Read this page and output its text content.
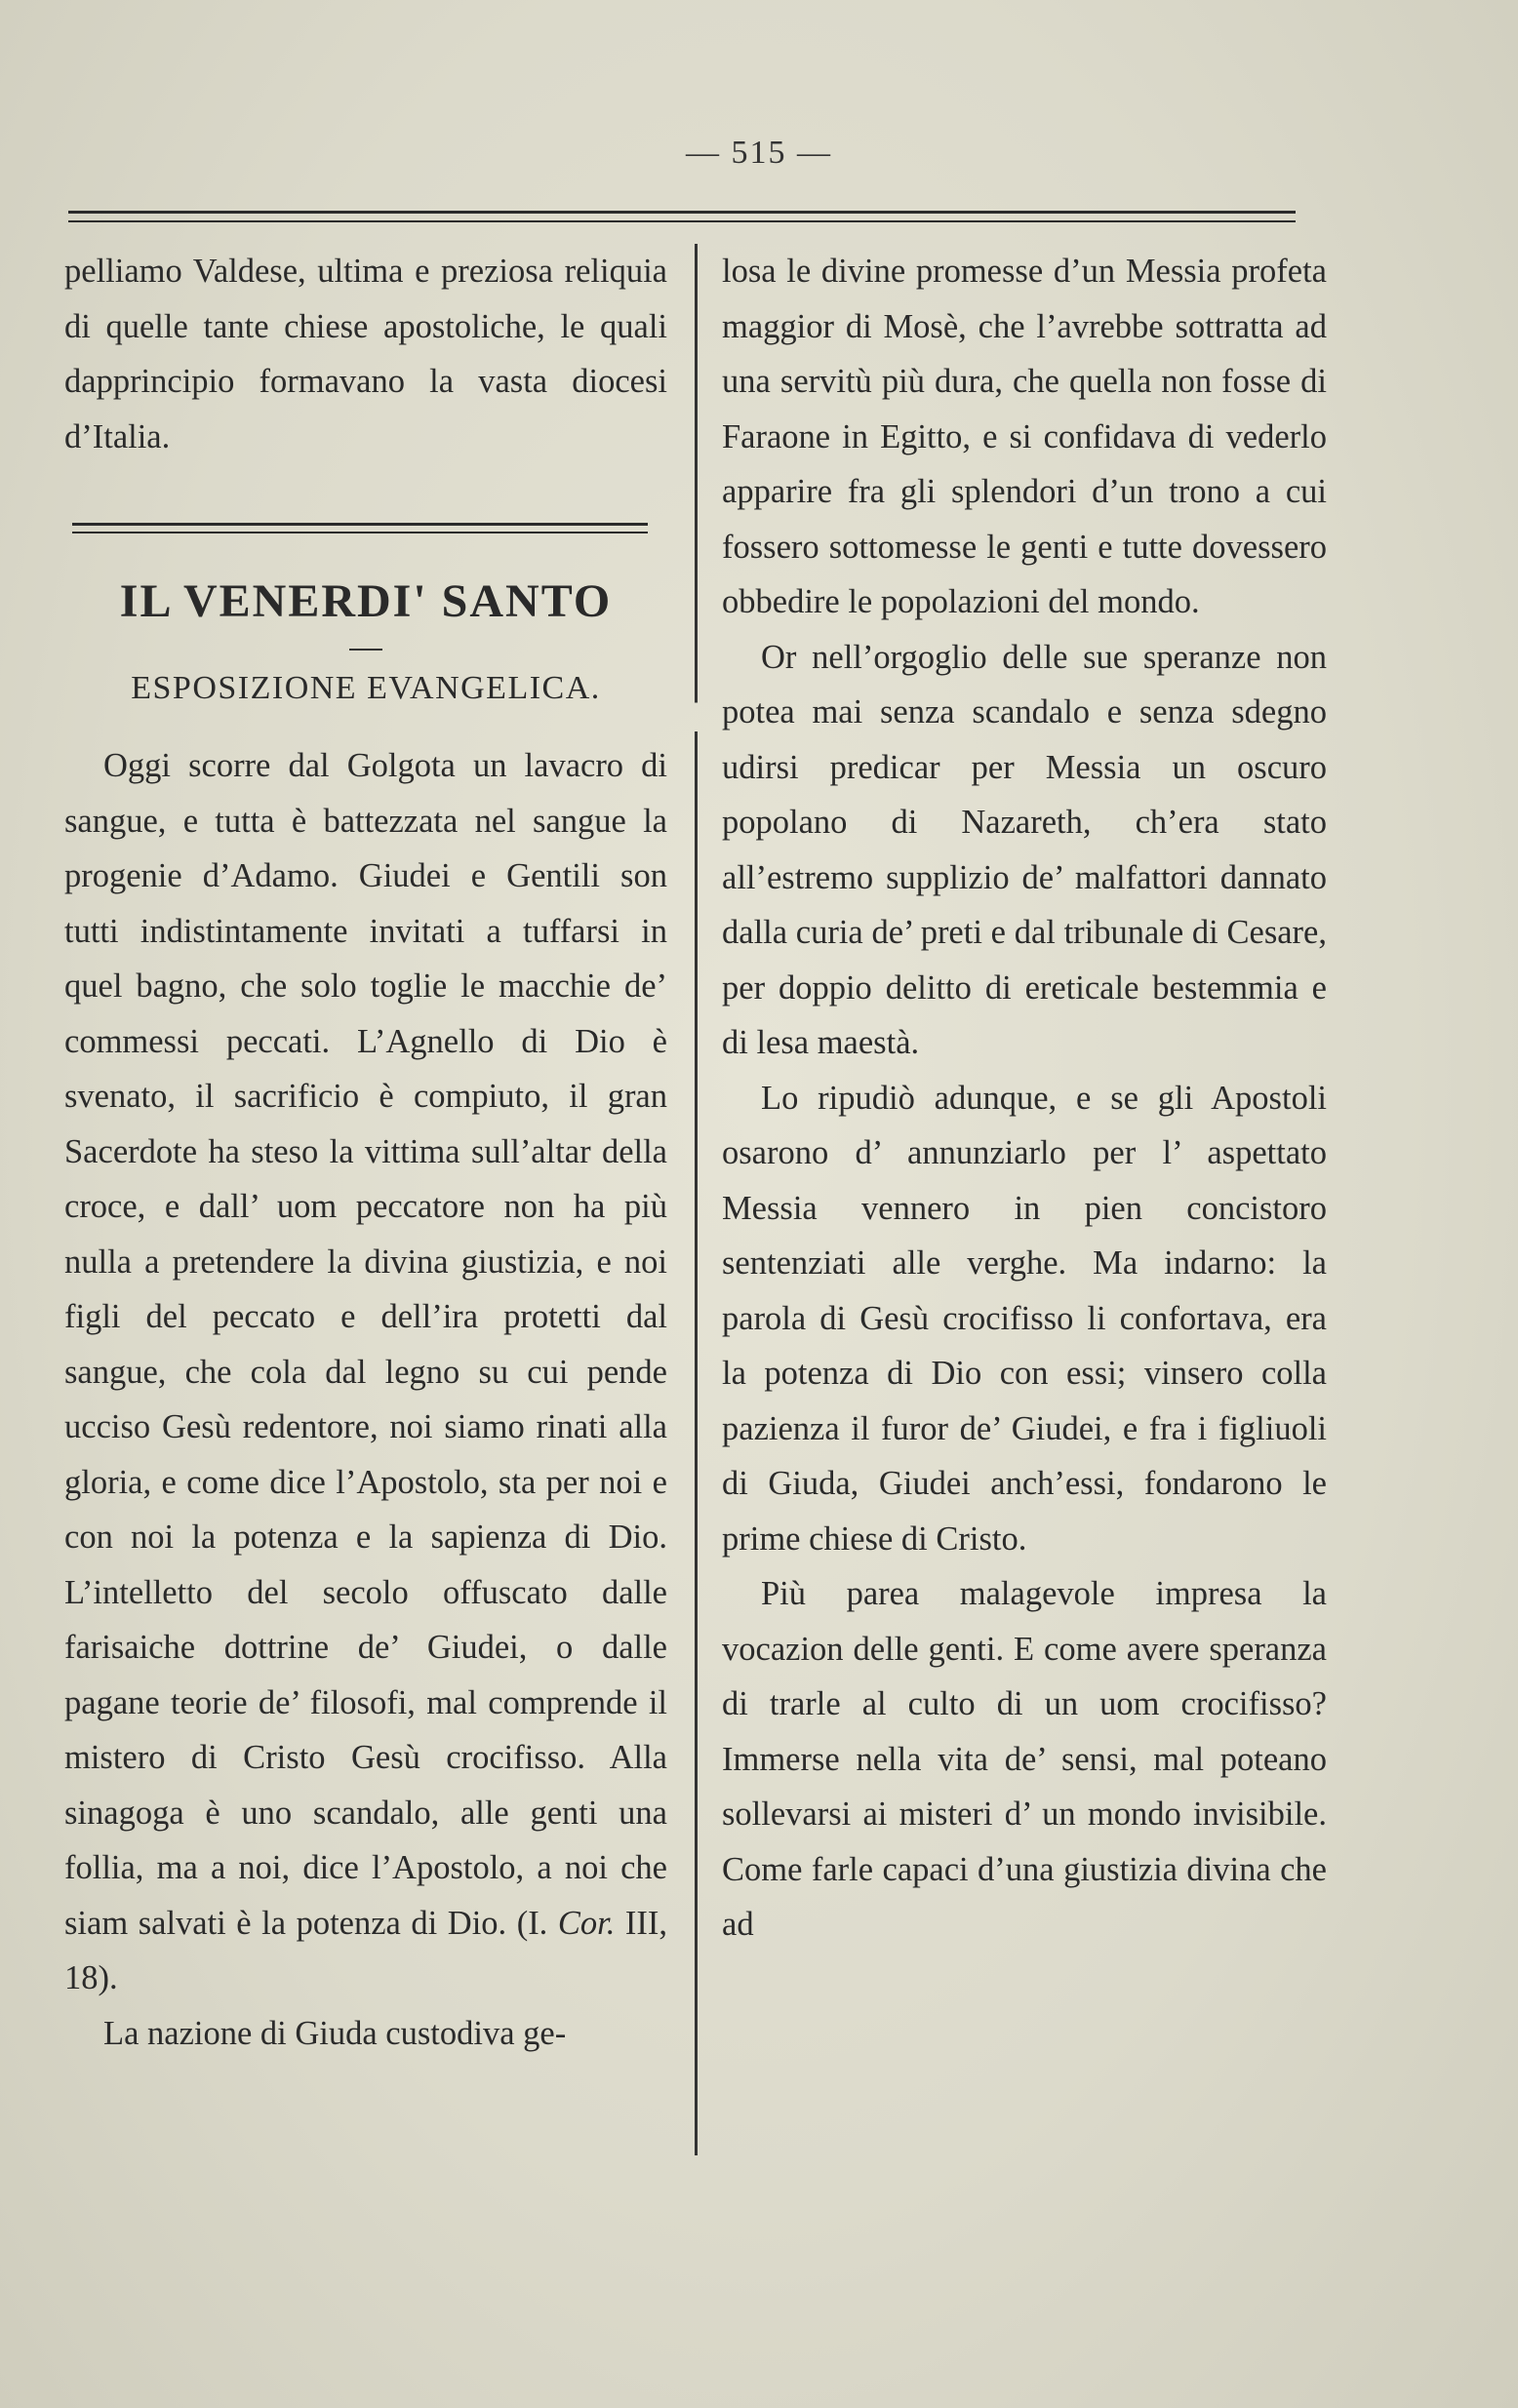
— 515 —

pelliamo Valdese, ultima e preziosa reliquia di quelle tante chiese apostoliche, le quali dapprincipio formavano la vasta diocesi d’Italia.

IL VENERDI' SANTO
ESPOSIZIONE EVANGELICA.

Oggi scorre dal Golgota un lavacro di sangue, e tutta è battezzata nel sangue la progenie d’Adamo. Giudei e Gentili son tutti indistintamente invitati a tuffarsi in quel bagno, che solo toglie le macchie de’ commessi peccati. L’Agnello di Dio è svenato, il sacrificio è compiuto, il gran Sacerdote ha steso la vittima sull’altar della croce, e dall’ uom peccatore non ha più nulla a pretendere la divina giustizia, e noi figli del peccato e dell’ira protetti dal sangue, che cola dal legno su cui pende ucciso Gesù redentore, noi siamo rinati alla gloria, e come dice l’Apostolo, sta per noi e con noi la potenza e la sapienza di Dio. L’intelletto del secolo offuscato dalle farisaiche dottrine de’ Giudei, o dalle pagane teorie de’ filosofi, mal comprende il mistero di Cristo Gesù crocifisso. Alla sinagoga è uno scandalo, alle genti una follia, ma a noi, dice l’Apostolo, a noi che siam salvati è la potenza di Dio. (I. Cor. III, 18).

La nazione di Giuda custodiva ge-

losa le divine promesse d’un Messia profeta maggior di Mosè, che l’avrebbe sottratta ad una servitù più dura, che quella non fosse di Faraone in Egitto, e si confidava di vederlo apparire fra gli splendori d’un trono a cui fossero sottomesse le genti e tutte dovessero obbedire le popolazioni del mondo.

Or nell’orgoglio delle sue speranze non potea mai senza scandalo e senza sdegno udirsi predicar per Messia un oscuro popolano di Nazareth, ch’era stato all’estremo supplizio de’ malfattori dannato dalla curia de’ preti e dal tribunale di Cesare, per doppio delitto di ereticale bestemmia e di lesa maestà.

Lo ripudiò adunque, e se gli Apostoli osarono d’ annunziarlo per l’ aspettato Messia vennero in pien concistoro sentenziati alle verghe. Ma indarno: la parola di Gesù crocifisso li confortava, era la potenza di Dio con essi; vinsero colla pazienza il furor de’ Giudei, e fra i figliuoli di Giuda, Giudei anch’essi, fondarono le prime chiese di Cristo.

Più parea malagevole impresa la vocazion delle genti. E come avere speranza di trarle al culto di un uom crocifisso? Immerse nella vita de’ sensi, mal poteano sollevarsi ai misteri d’ un mondo invisibile. Come farle capaci d’una giustizia divina che ad
